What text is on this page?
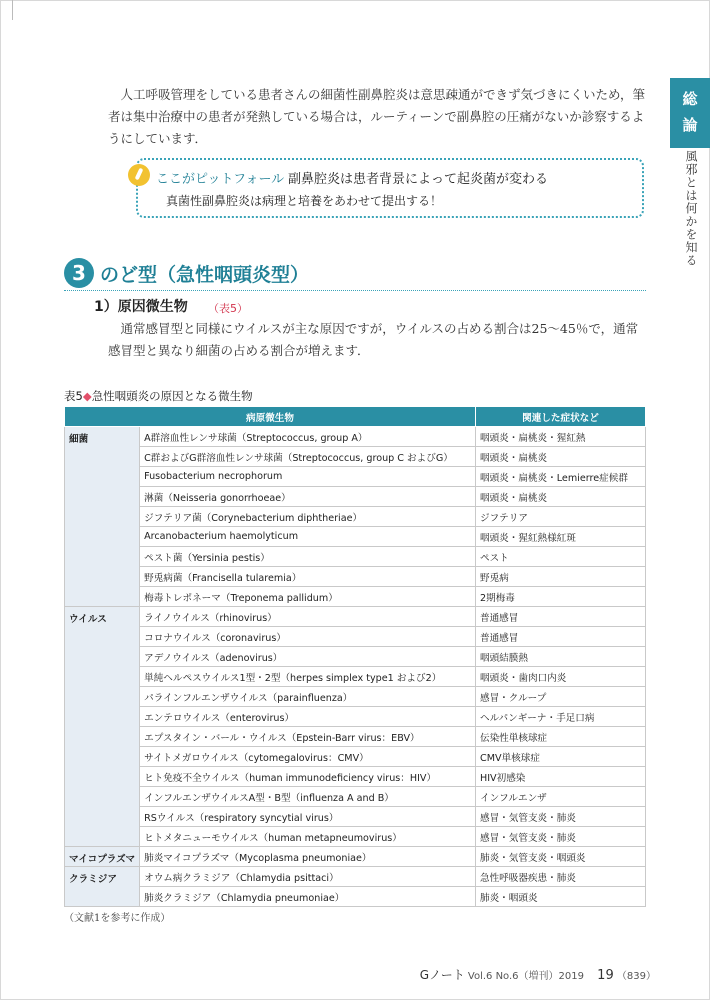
総
論
風邪とは何かを知る

人工呼吸管理をしている患者さんの細菌性副鼻腔炎は意思疎通ができず気づきにくいため，筆者は集中治療中の患者が発熱している場合は，ルーティーンで副鼻腔の圧痛がないか診察するようにしています．

ここがピットフォール 副鼻腔炎は患者背景によって起炎菌が変わる
真菌性副鼻腔炎は病理と培養をあわせて提出する！
3 のど型（急性咽頭炎型）
1）原因微生物 （表5）

通常感冒型と同様にウイルスが主な原因ですが，ウイルスの占める割合は25～45％で，通常感冒型と異なり細菌の占める割合が増えます．

表5◆急性咽頭炎の原因となる微生物
病原微生物		関連した症状など
細菌	A群溶血性レンサ球菌（Streptococcus, group A）	咽頭炎・扁桃炎・猩紅熱
	C群およびG群溶血性レンサ球菌（Streptococcus, group C およびG）	咽頭炎・扁桃炎
	Fusobacterium necrophorum	咽頭炎・扁桃炎・Lemierre症候群
	淋菌（Neisseria gonorrhoeae）	咽頭炎・扁桃炎
	ジフテリア菌（Corynebacterium diphtheriae）	ジフテリア
	Arcanobacterium haemolyticum	咽頭炎・猩紅熱様紅斑
	ペスト菌（Yersinia pestis）	ペスト
	野兎病菌（Francisella tularemia）	野兎病
	梅毒トレポネーマ（Treponema pallidum）	2期梅毒
ウイルス	ライノウイルス（rhinovirus）	普通感冒
	コロナウイルス（coronavirus）	普通感冒
	アデノウイルス（adenovirus）	咽頭結膜熱
	単純ヘルペスウイルス1型・2型（herpes simplex type1 および2）	咽頭炎・歯肉口内炎
	パラインフルエンザウイルス（parainfluenza）	感冒・クループ
	エンテロウイルス（enterovirus）	ヘルパンギーナ・手足口病
	エプスタイン・バール・ウイルス（Epstein-Barr virus：EBV）	伝染性単核球症
	サイトメガロウイルス（cytomegalovirus：CMV）	CMV単核球症
	ヒト免疫不全ウイルス（human immunodeficiency virus：HIV）	HIV初感染
	インフルエンザウイルスA型・B型（influenza A and B）	インフルエンザ
	RSウイルス（respiratory syncytial virus）	感冒・気管支炎・肺炎
	ヒトメタニューモウイルス（human metapneumovirus）	感冒・気管支炎・肺炎
マイコプラズマ	肺炎マイコプラズマ（Mycoplasma pneumoniae）	肺炎・気管支炎・咽頭炎
クラミジア	オウム病クラミジア（Chlamydia psittaci）	急性呼吸器疾患・肺炎
	肺炎クラミジア（Chlamydia pneumoniae）	肺炎・咽頭炎
（文献1を参考に作成）
Gノート Vol.6 No.6（増刊）2019 19 （839）
